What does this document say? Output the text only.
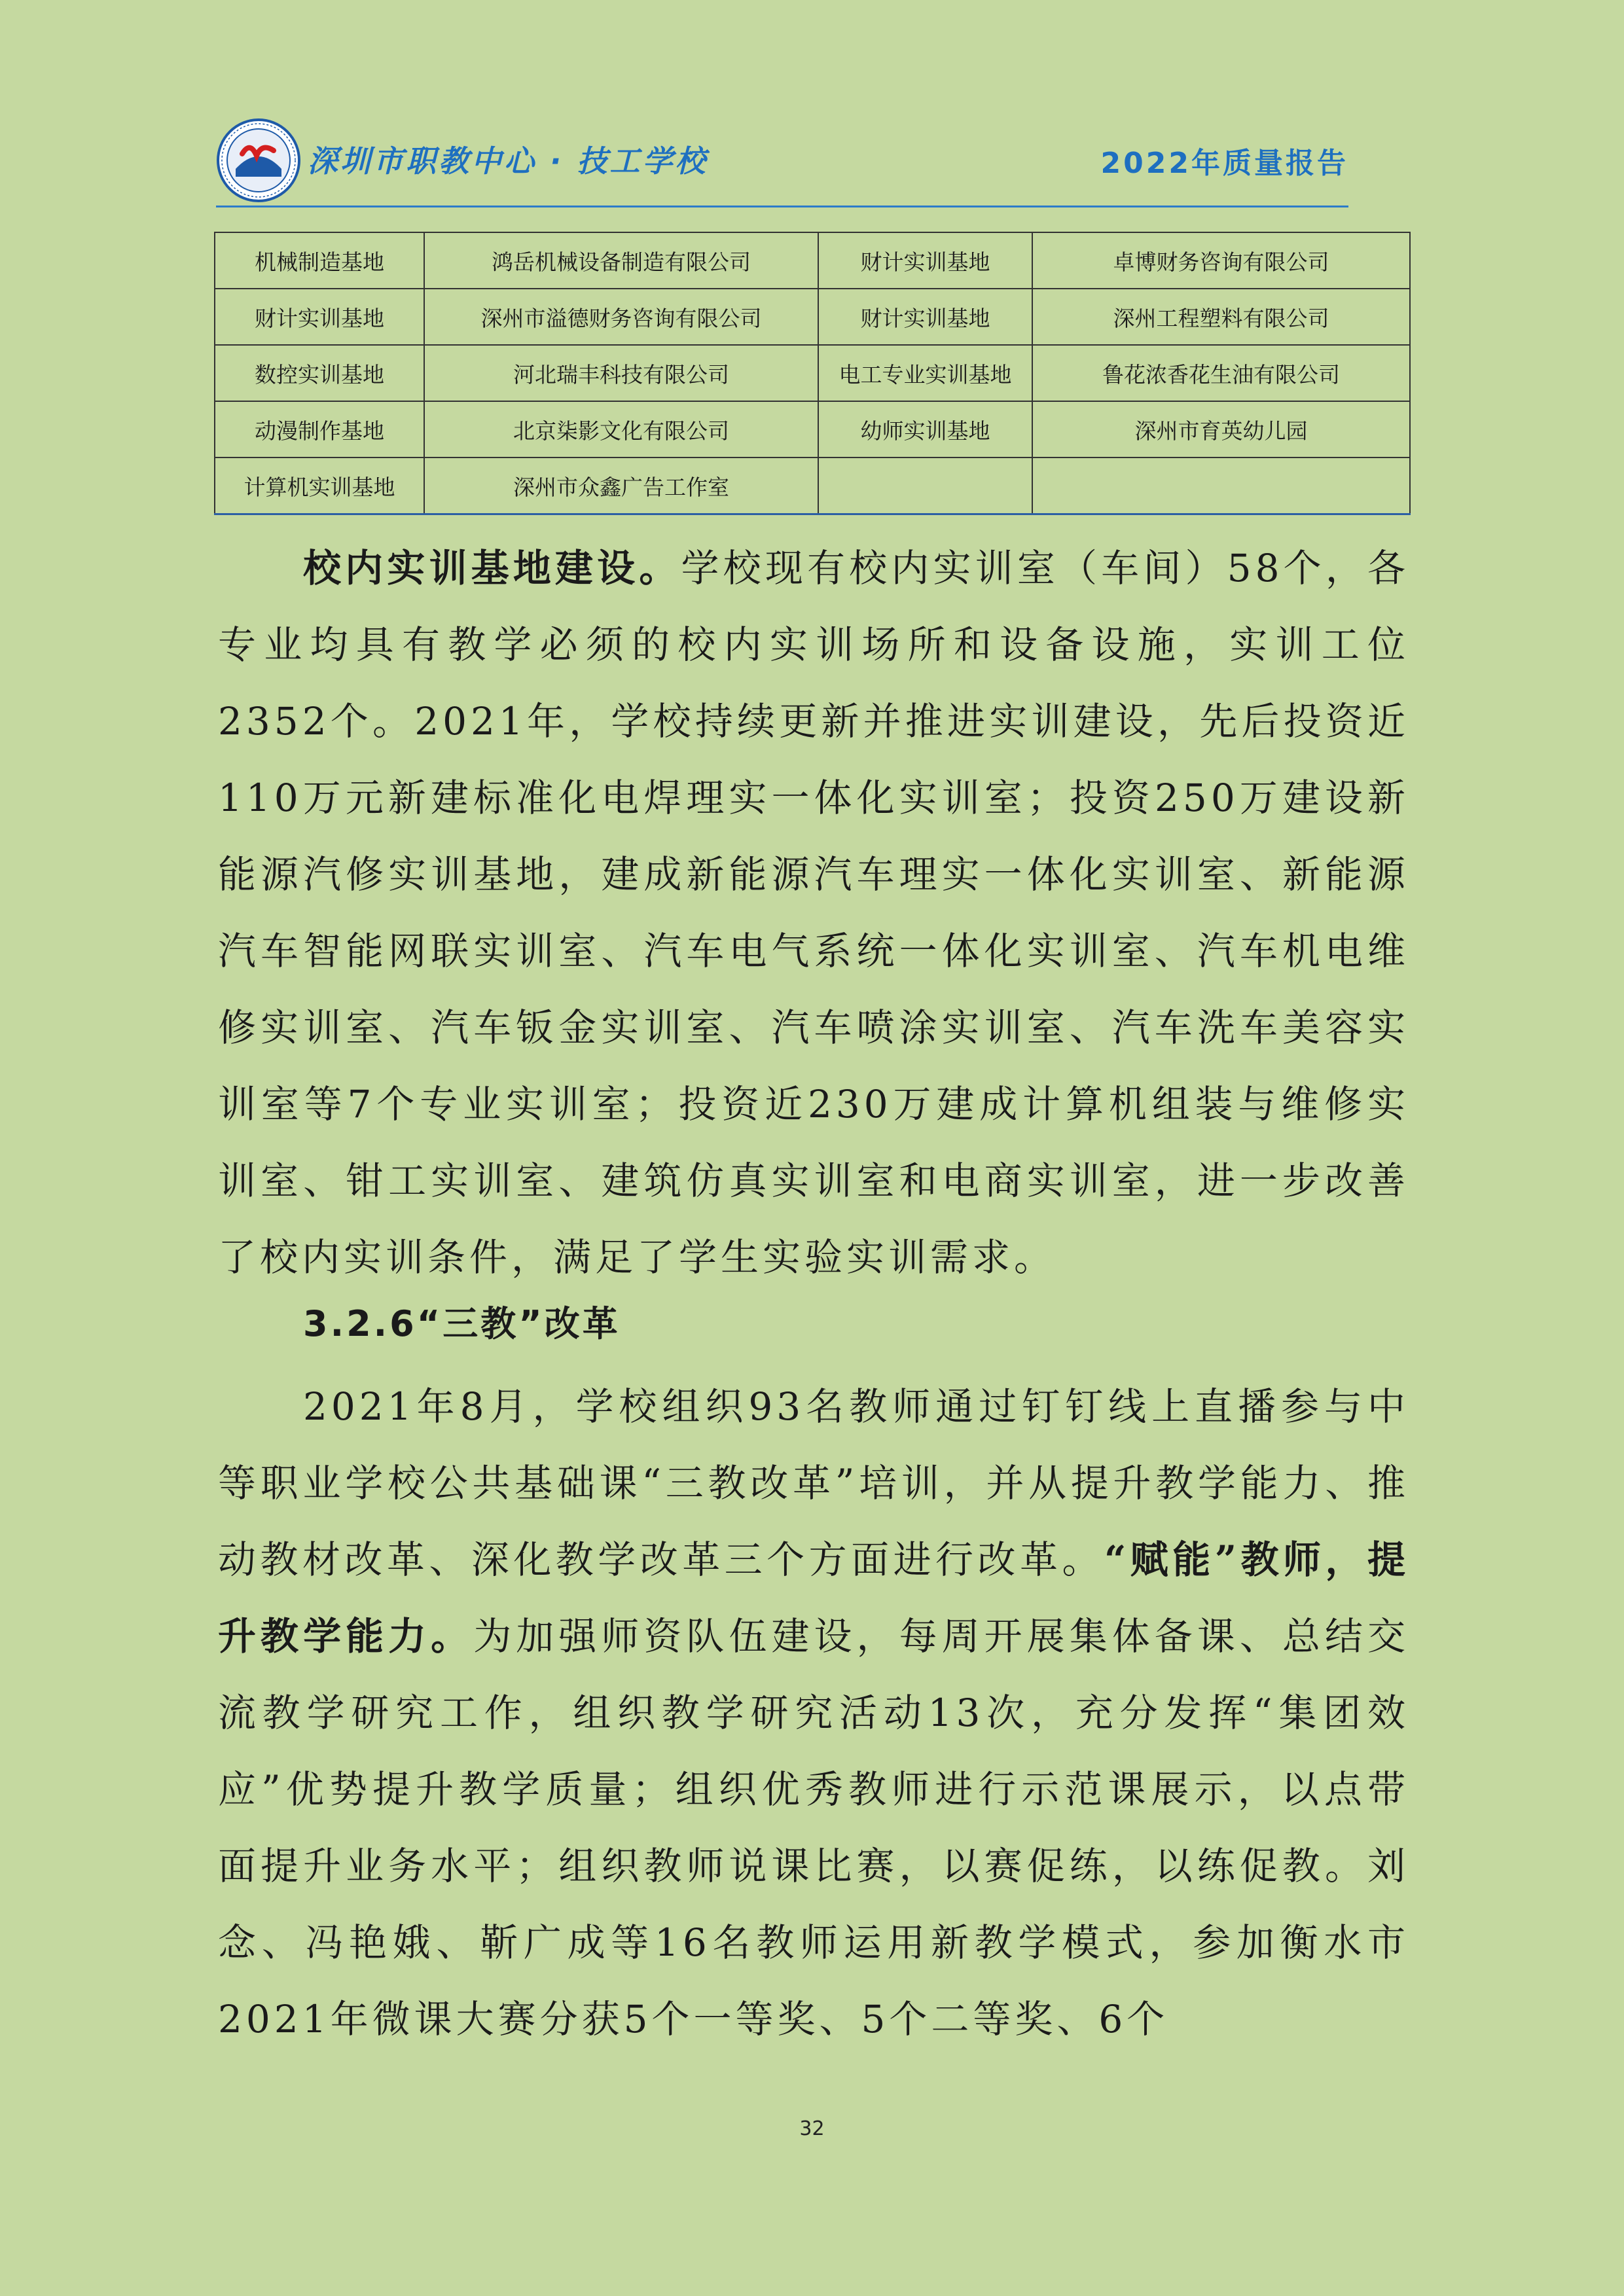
深圳市职教中心 · 技工学校	2022年质量报告
机械制造基地	鸿岳机械设备制造有限公司	财计实训基地	卓博财务咨询有限公司
财计实训基地	深州市溢德财务咨询有限公司	财计实训基地	深州工程塑料有限公司
数控实训基地	河北瑞丰科技有限公司	电工专业实训基地	鲁花浓香花生油有限公司
动漫制作基地	北京柒影文化有限公司	幼师实训基地	深州市育英幼儿园
计算机实训基地	深州市众鑫广告工作室		

校内实训基地建设。学校现有校内实训室（车间）58个，各专业均具有教学必须的校内实训场所和设备设施，实训工位2352个。2021年，学校持续更新并推进实训建设，先后投资近110万元新建标准化电焊理实一体化实训室；投资250万建设新能源汽修实训基地，建成新能源汽车理实一体化实训室、新能源汽车智能网联实训室、汽车电气系统一体化实训室、汽车机电维修实训室、汽车钣金实训室、汽车喷涂实训室、汽车洗车美容实训室等7个专业实训室；投资近230万建成计算机组装与维修实训室、钳工实训室、建筑仿真实训室和电商实训室，进一步改善了校内实训条件，满足了学生实验实训需求。

3.2.6“三教”改革

2021年8月，学校组织93名教师通过钉钉线上直播参与中等职业学校公共基础课“三教改革”培训，并从提升教学能力、推动教材改革、深化教学改革三个方面进行改革。“赋能”教师，提升教学能力。为加强师资队伍建设，每周开展集体备课、总结交流教学研究工作，组织教学研究活动13次，充分发挥“集团效应”优势提升教学质量；组织优秀教师进行示范课展示，以点带面提升业务水平；组织教师说课比赛，以赛促练，以练促教。刘念、冯艳娥、靳广成等16名教师运用新教学模式，参加衡水市2021年微课大赛分获5个一等奖、5个二等奖、6个

32
